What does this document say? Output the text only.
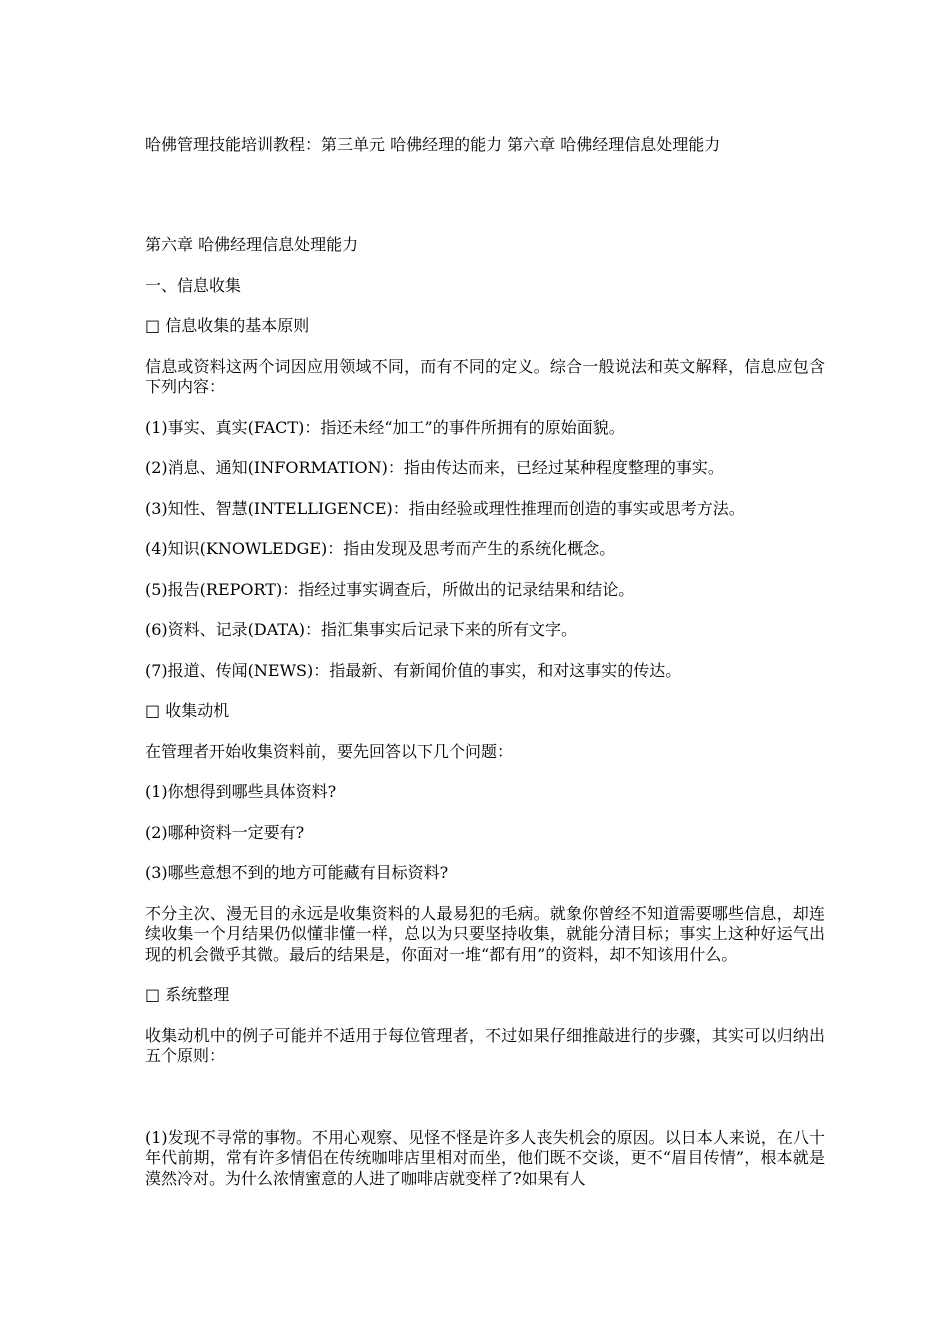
哈佛管理技能培训教程：第三单元 哈佛经理的能力 第六章 哈佛经理信息处理能力

第六章 哈佛经理信息处理能力

一、信息收集

□ 信息收集的基本原则

信息或资料这两个词因应用领域不同，而有不同的定义。综合一般说法和英文解释，信息应包含下列内容：

(1)事实、真实(FACT)：指还未经“加工”的事件所拥有的原始面貌。

(2)消息、通知(INFORMATION)：指由传达而来，已经过某种程度整理的事实。

(3)知性、智慧(INTELLIGENCE)：指由经验或理性推理而创造的事实或思考方法。

(4)知识(KNOWLEDGE)：指由发现及思考而产生的系统化概念。

(5)报告(REPORT)：指经过事实调查后，所做出的记录结果和结论。

(6)资料、记录(DATA)：指汇集事实后记录下来的所有文字。

(7)报道、传闻(NEWS)：指最新、有新闻价值的事实，和对这事实的传达。

□ 收集动机

在管理者开始收集资料前，要先回答以下几个问题：

(1)你想得到哪些具体资料?

(2)哪种资料一定要有?

(3)哪些意想不到的地方可能藏有目标资料?

不分主次、漫无目的永远是收集资料的人最易犯的毛病。就象你曾经不知道需要哪些信息，却连续收集一个月结果仍似懂非懂一样，总以为只要坚持收集，就能分清目标；事实上这种好运气出现的机会微乎其微。最后的结果是，你面对一堆“都有用”的资料，却不知该用什么。

□ 系统整理

收集动机中的例子可能并不适用于每位管理者，不过如果仔细推敲进行的步骤，其实可以归纳出五个原则：

(1)发现不寻常的事物。不用心观察、见怪不怪是许多人丧失机会的原因。以日本人来说，在八十年代前期，常有许多情侣在传统咖啡店里相对而坐，他们既不交谈，更不“眉目传情”，根本就是漠然冷对。为什么浓情蜜意的人进了咖啡店就变样了?如果有人
